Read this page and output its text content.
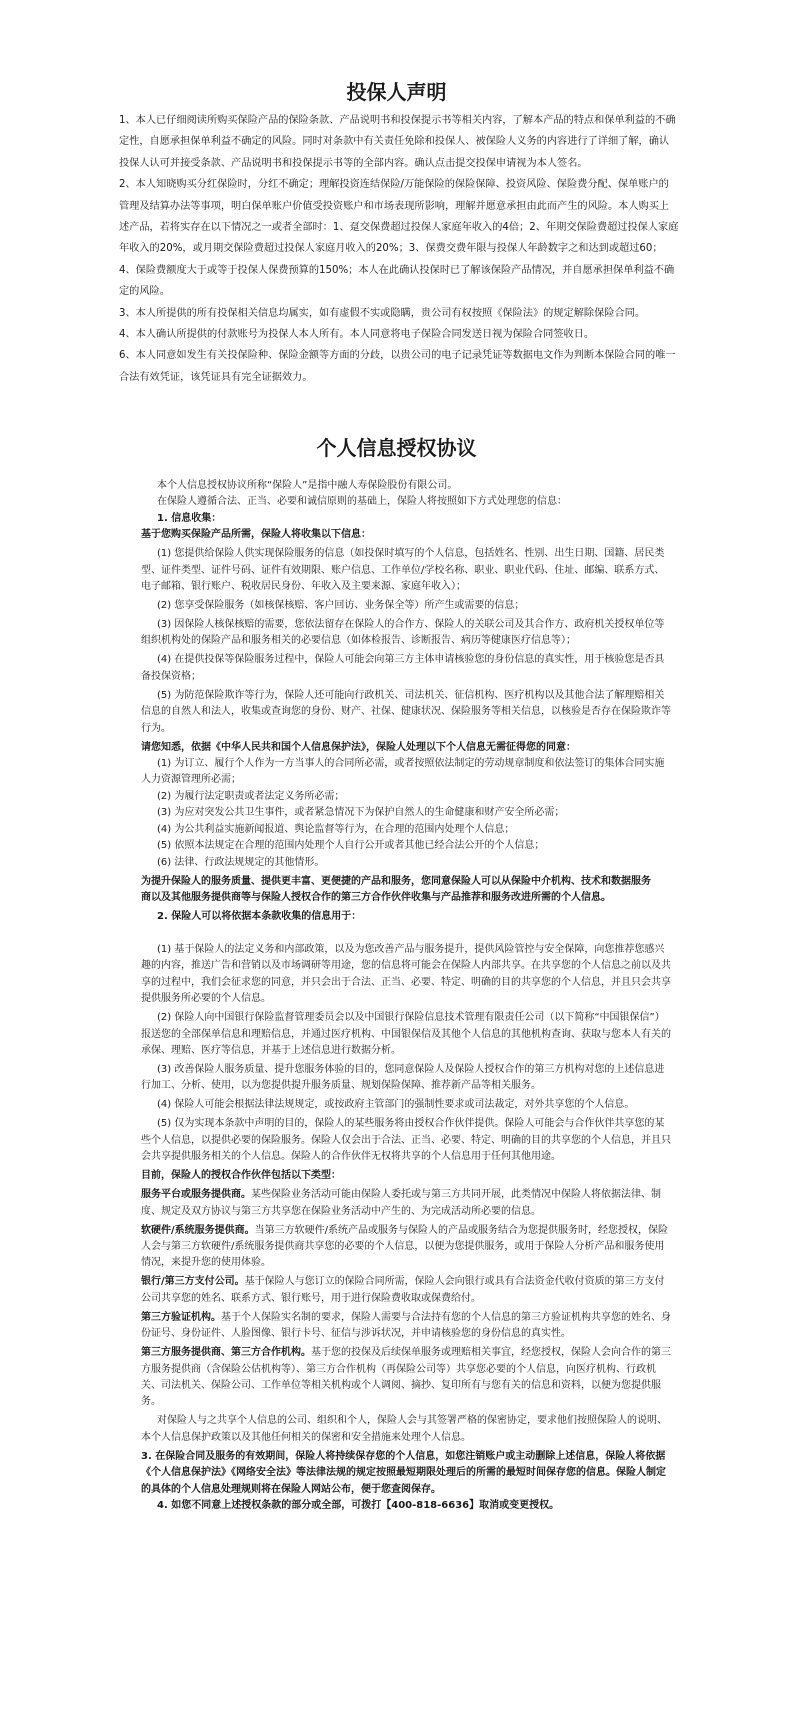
投保人声明

1、本人已仔细阅读所购买保险产品的保险条款、产品说明书和投保提示书等相关内容，了解本产品的特点和保单利益的不确定性，自愿承担保单利益不确定的风险。同时对条款中有关责任免除和投保人、被保险人义务的内容进行了详细了解，确认投保人认可并接受条款、产品说明书和投保提示书等的全部内容。确认点击提交投保申请视为本人签名。

2、本人知晓购买分红保险时，分红不确定；理解投资连结保险/万能保险的保险保障、投资风险、保险费分配、保单账户的管理及结算办法等事项，明白保单账户价值受投资账户和市场表现所影响，理解并愿意承担由此而产生的风险。本人购买上述产品，若将实存在以下情况之一或者全部时：1、趸交保费超过投保人家庭年收入的4倍；2、年期交保险费超过投保人家庭年收入的20%，或月期交保险费超过投保人家庭月收入的20%；3、保费交费年限与投保人年龄数字之和达到或超过60；4、保险费额度大于或等于投保人保费预算的150%；本人在此确认投保时已了解该保险产品情况，并自愿承担保单利益不确定的风险。

3、本人所提供的所有投保相关信息均属实，如有虚假不实或隐瞒，贵公司有权按照《保险法》的规定解除保险合同。

4、本人确认所提供的付款账号为投保人本人所有。本人同意将电子保险合同发送日视为保险合同签收日。

6、本人同意如发生有关投保险种、保险金额等方面的分歧，以贵公司的电子记录凭证等数据电文作为判断本保险合同的唯一合法有效凭证，该凭证具有完全证据效力。

个人信息授权协议

本个人信息授权协议所称“保险人”是指中融人寿保险股份有限公司。

在保险人遵循合法、正当、必要和诚信原则的基础上，保险人将按照如下方式处理您的信息：

1. 信息收集：

基于您购买保险产品所需，保险人将收集以下信息：

(1) 您提供给保险人供实现保险服务的信息（如投保时填写的个人信息，包括姓名、性别、出生日期、国籍、居民类型、证件类型、证件号码、证件有效期限、账户信息、工作单位/学校名称、职业、职业代码、住址、邮编、联系方式、电子邮箱、银行账户、税收居民身份、年收入及主要来源、家庭年收入）；

(2) 您享受保险服务（如核保核赔、客户回访、业务保全等）所产生或需要的信息；

(3) 因保险人核保核赔的需要，您依法留存在保险人的合作方、保险人的关联公司及其合作方、政府机关授权单位等组织机构处的保险产品和服务相关的必要信息（如体检报告、诊断报告、病历等健康医疗信息等）；

(4) 在提供投保等保险服务过程中，保险人可能会向第三方主体申请核验您的身份信息的真实性，用于核验您是否具备投保资格；

(5) 为防范保险欺诈等行为，保险人还可能向行政机关、司法机关、征信机构、医疗机构以及其他合法了解理赔相关信息的自然人和法人，收集或查询您的身份、财产、社保、健康状况、保险服务等相关信息，以核验是否存在保险欺诈等行为。

请您知悉，依据《中华人民共和国个人信息保护法》，保险人处理以下个人信息无需征得您的同意：

(1) 为订立、履行个人作为一方当事人的合同所必需，或者按照依法制定的劳动规章制度和依法签订的集体合同实施人力资源管理所必需；

(2) 为履行法定职责或者法定义务所必需；

(3) 为应对突发公共卫生事件，或者紧急情况下为保护自然人的生命健康和财产安全所必需；

(4) 为公共利益实施新闻报道、舆论监督等行为，在合理的范围内处理个人信息；

(5) 依照本法规定在合理的范围内处理个人自行公开或者其他已经合法公开的个人信息；

(6) 法律、行政法规规定的其他情形。

为提升保险人的服务质量、提供更丰富、更便捷的产品和服务，您同意保险人可以从保险中介机构、技术和数据服务

商以及其他服务提供商等与保险人授权合作的第三方合作伙伴收集与产品推荐和服务改进所需的个人信息。

2. 保险人可以将依据本条款收集的信息用于：

(1) 基于保险人的法定义务和内部政策，以及为您改善产品与服务提升，提供风险管控与安全保障，向您推荐您感兴趣的内容，推送广告和营销以及市场调研等用途，您的信息将可能会在保险人内部共享。在共享您的个人信息之前以及共享的过程中，我们会征求您的同意，并只会出于合法、正当、必要、特定、明确的目的共享您的个人信息，并且只会共享提供服务所必要的个人信息。

(2) 保险人向中国银行保险监督管理委员会以及中国银行保险信息技术管理有限责任公司（以下简称“中国银保信”）报送您的全部保单信息和理赔信息，并通过医疗机构、中国银保信及其他个人信息的其他机构查询、获取与您本人有关的承保、理赔、医疗等信息，并基于上述信息进行数据分析。

(3) 改善保险人服务质量、提升您服务体验的目的，您同意保险人及保险人授权合作的第三方机构对您的上述信息进行加工、分析、使用，以为您提供提升服务质量、规划保险保障、推荐新产品等相关服务。

(4) 保险人可能会根据法律法规规定，或按政府主管部门的强制性要求或司法裁定，对外共享您的个人信息。

(5) 仅为实现本条款中声明的目的，保险人的某些服务将由授权合作伙伴提供。保险人可能会与合作伙伴共享您的某些个人信息，以提供必要的保险服务。保险人仅会出于合法、正当、必要、特定、明确的目的共享您的个人信息，并且只会共享提供服务相关的个人信息。保险人的合作伙伴无权将共享的个人信息用于任何其他用途。

目前，保险人的授权合作伙伴包括以下类型：

服务平台或服务提供商。某些保险业务活动可能由保险人委托或与第三方共同开展，此类情况中保险人将依据法律、制度、规定及双方协议与第三方共享您在保险业务活动中产生的、为完成活动所必要的信息。

软硬件/系统服务提供商。当第三方软硬件/系统产品或服务与保险人的产品或服务结合为您提供服务时，经您授权，保险人会与第三方软硬件/系统服务提供商共享您的必要的个人信息，以便为您提供服务，或用于保险人分析产品和服务使用情况，来提升您的使用体验。

银行/第三方支付公司。基于保险人与您订立的保险合同所需，保险人会向银行或具有合法资金代收付资质的第三方支付公司共享您的姓名、联系方式、银行账号，用于进行保险费收取或保费给付。

第三方验证机构。基于个人保险实名制的要求，保险人需要与合法持有您的个人信息的第三方验证机构共享您的姓名、身份证号、身份证件、人脸图像、银行卡号、征信与涉诉状况，并申请核验您的身份信息的真实性。

第三方服务提供商、第三方合作机构。基于您的投保及后续保单服务或理赔相关事宜，经您授权，保险人会向合作的第三方服务提供商（含保险公估机构等）、第三方合作机构（再保险公司等）共享您必要的个人信息，向医疗机构、行政机关、司法机关、保险公司、工作单位等相关机构或个人调阅、摘抄、复印所有与您有关的信息和资料，以便为您提供服务。

对保险人与之共享个人信息的公司、组织和个人，保险人会与其签署严格的保密协定，要求他们按照保险人的说明、本个人信息保护政策以及其他任何相关的保密和安全措施来处理个人信息。

3. 在保险合同及服务的有效期间，保险人将持续保存您的个人信息，如您注销账户或主动删除上述信息，保险人将依据《个人信息保护法》《网络安全法》等法律法规的规定按照最短期限处理后的所需的最短时间保存您的信息。保险人制定的具体的个人信息处理规则将在保险人网站公布，便于您查阅保存。

4. 如您不同意上述授权条款的部分或全部，可拨打【400-818-6636】取消或变更授权。
